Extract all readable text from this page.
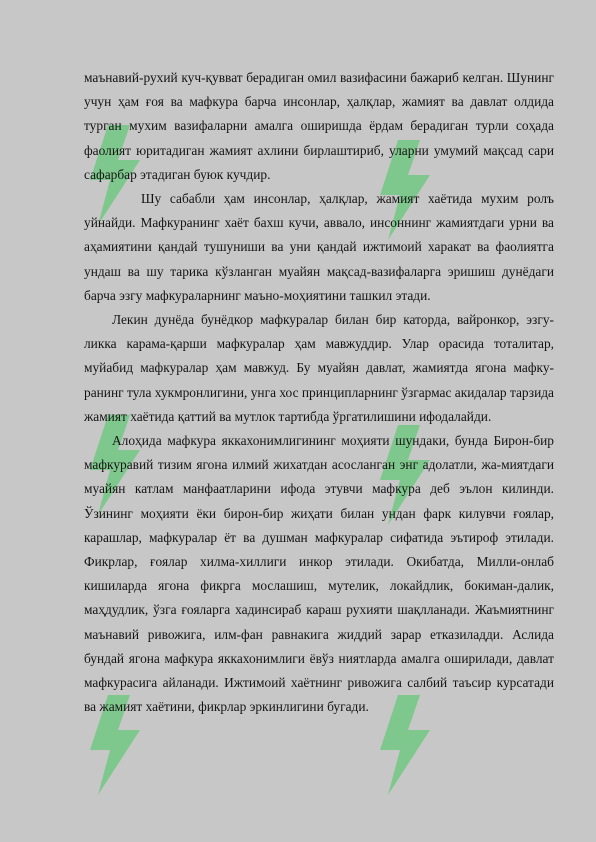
маънавий-рухий куч-қувват берадиган омил вазифасини бажариб келган. Шунинг учун ҳам ғоя ва мафкура барча инсонлар, ҳалқлар, жамият ва давлат олдида турган мухим вазифаларни амалга оширишда ёрдам берадиган турли соҳада фаолият юритадиган жамият ахлини бирлаштириб, уларни умумий мақсад сари сафарбар этадиган буюк кучдир.

Шу сабабли ҳам инсонлар, ҳалқлар, жамият хаётида мухим ролъ уйнайди. Мафкуранинг хаёт бахш кучи, аввало, инсоннинг жамиятдаги урни ва аҳамиятини қандай тушуниши ва уни қандай ижтимоий харакат ва фаолиятга ундаш ва шу тарика кўзланган муайян мақсад-вазифаларга эришиш дунёдаги барча эзгу мафкураларнинг маъно-моҳиятини ташкил этади.

Лекин дунёда бунёдкор мафкуралар билан бир каторда, вайронкор, эзгу-ликка карама-қарши мафкуралар ҳам мавжуддир. Улар орасида тоталитар, муйабид мафкуралар ҳам мавжуд. Бу муайян давлат, жамиятда ягона мафку-ранинг тула хукмронлигини, унга хос принципларнинг ўзгармас акидалар тарзида жамият хаётида қаттий ва мутлок тартибда ўргатилишини ифодалайди.

Алоҳида мафкура яккахонимлигининг моҳияти шундаки, бунда Бирон-бир мафкуравий тизим ягона илмий жихатдан асосланган энг адолатли, жа-миятдаги муайян катлам манфаатларини ифода этувчи мафкура деб эълон килинди. Ўзининг моҳияти ёки бирон-бир жиҳати билан ундан фарк килувчи ғоялар, карашлар, мафкуралар ёт ва душман мафкуралар сифатида эътироф этилади. Фикрлар, ғоялар хилма-хиллиги инкор этилади. Окибатда, Милли-онлаб кишиларда ягона фикрга мослашиш, мутелик, локайдлик, бокиман-далик, маҳдудлик, ўзга ғояларга хадинсираб караш рухияти шақлланади. Жаъмиятнинг маънавий ривожига, илм-фан равнакига жиддий зарар етказиладди. Аслида бундай ягона мафкура яккахонимлиги ёвўз ниятларда амалга оширилади, давлат мафкурасига айланади. Ижтимоий хаётнинг ривожига салбий таъсир курсатади ва жамият хаётини, фикрлар эркинлигини бугади.
